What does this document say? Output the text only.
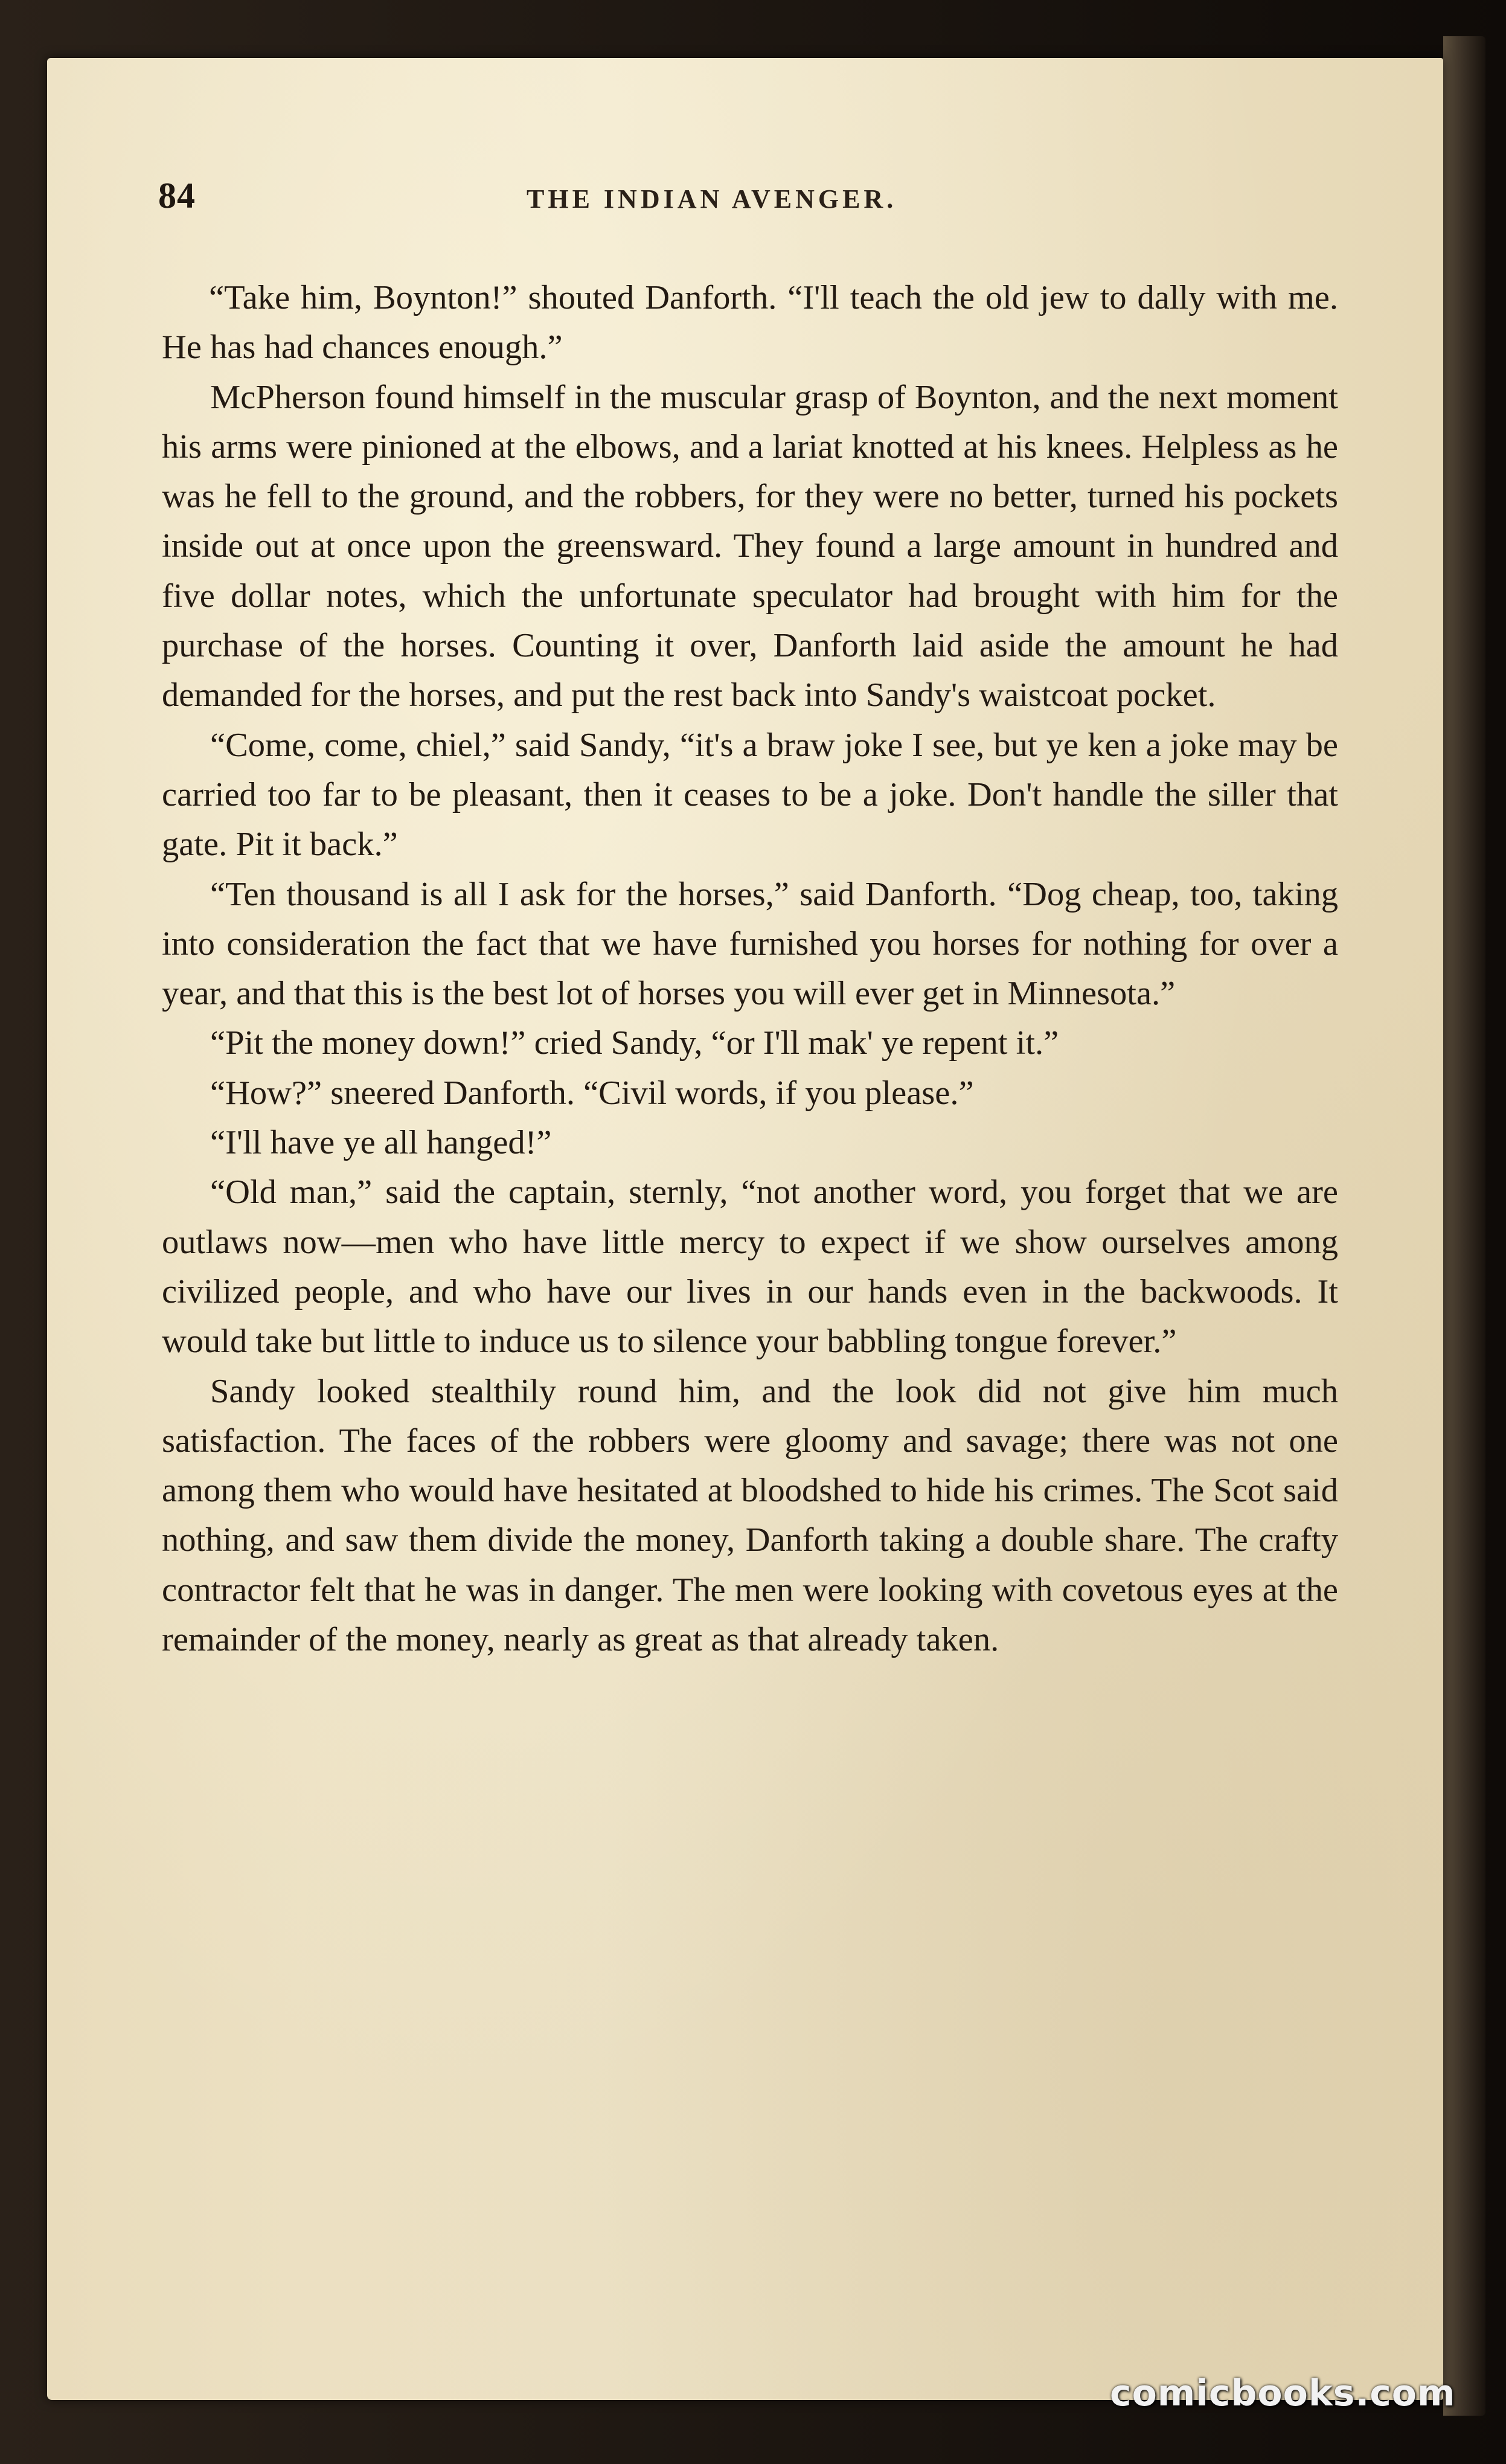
84	THE INDIAN AVENGER.

“Take him, Boynton!” shouted Danforth. “I'll teach the old jew to dally with me. He has had chances enough.”

McPherson found himself in the muscular grasp of Boynton, and the next moment his arms were pinioned at the elbows, and a lariat knotted at his knees. Helpless as he was he fell to the ground, and the robbers, for they were no better, turned his pockets inside out at once upon the greensward. They found a large amount in hundred and five dollar notes, which the unfortunate speculator had brought with him for the purchase of the horses. Counting it over, Danforth laid aside the amount he had demanded for the horses, and put the rest back into Sandy's waistcoat pocket.

“Come, come, chiel,” said Sandy, “it's a braw joke I see, but ye ken a joke may be carried too far to be pleasant, then it ceases to be a joke. Don't handle the siller that gate. Pit it back.”

“Ten thousand is all I ask for the horses,” said Danforth. “Dog cheap, too, taking into consideration the fact that we have furnished you horses for nothing for over a year, and that this is the best lot of horses you will ever get in Minnesota.”

“Pit the money down!” cried Sandy, “or I'll mak' ye repent it.”

“How?” sneered Danforth. “Civil words, if you please.”

“I'll have ye all hanged!”

“Old man,” said the captain, sternly, “not another word, you forget that we are outlaws now—men who have little mercy to expect if we show ourselves among civilized people, and who have our lives in our hands even in the backwoods. It would take but little to induce us to silence your babbling tongue forever.”

Sandy looked stealthily round him, and the look did not give him much satisfaction. The faces of the robbers were gloomy and savage; there was not one among them who would have hesitated at bloodshed to hide his crimes. The Scot said nothing, and saw them divide the money, Danforth taking a double share. The crafty contractor felt that he was in danger. The men were looking with covetous eyes at the remainder of the money, nearly as great as that already taken.

comicbooks.com
